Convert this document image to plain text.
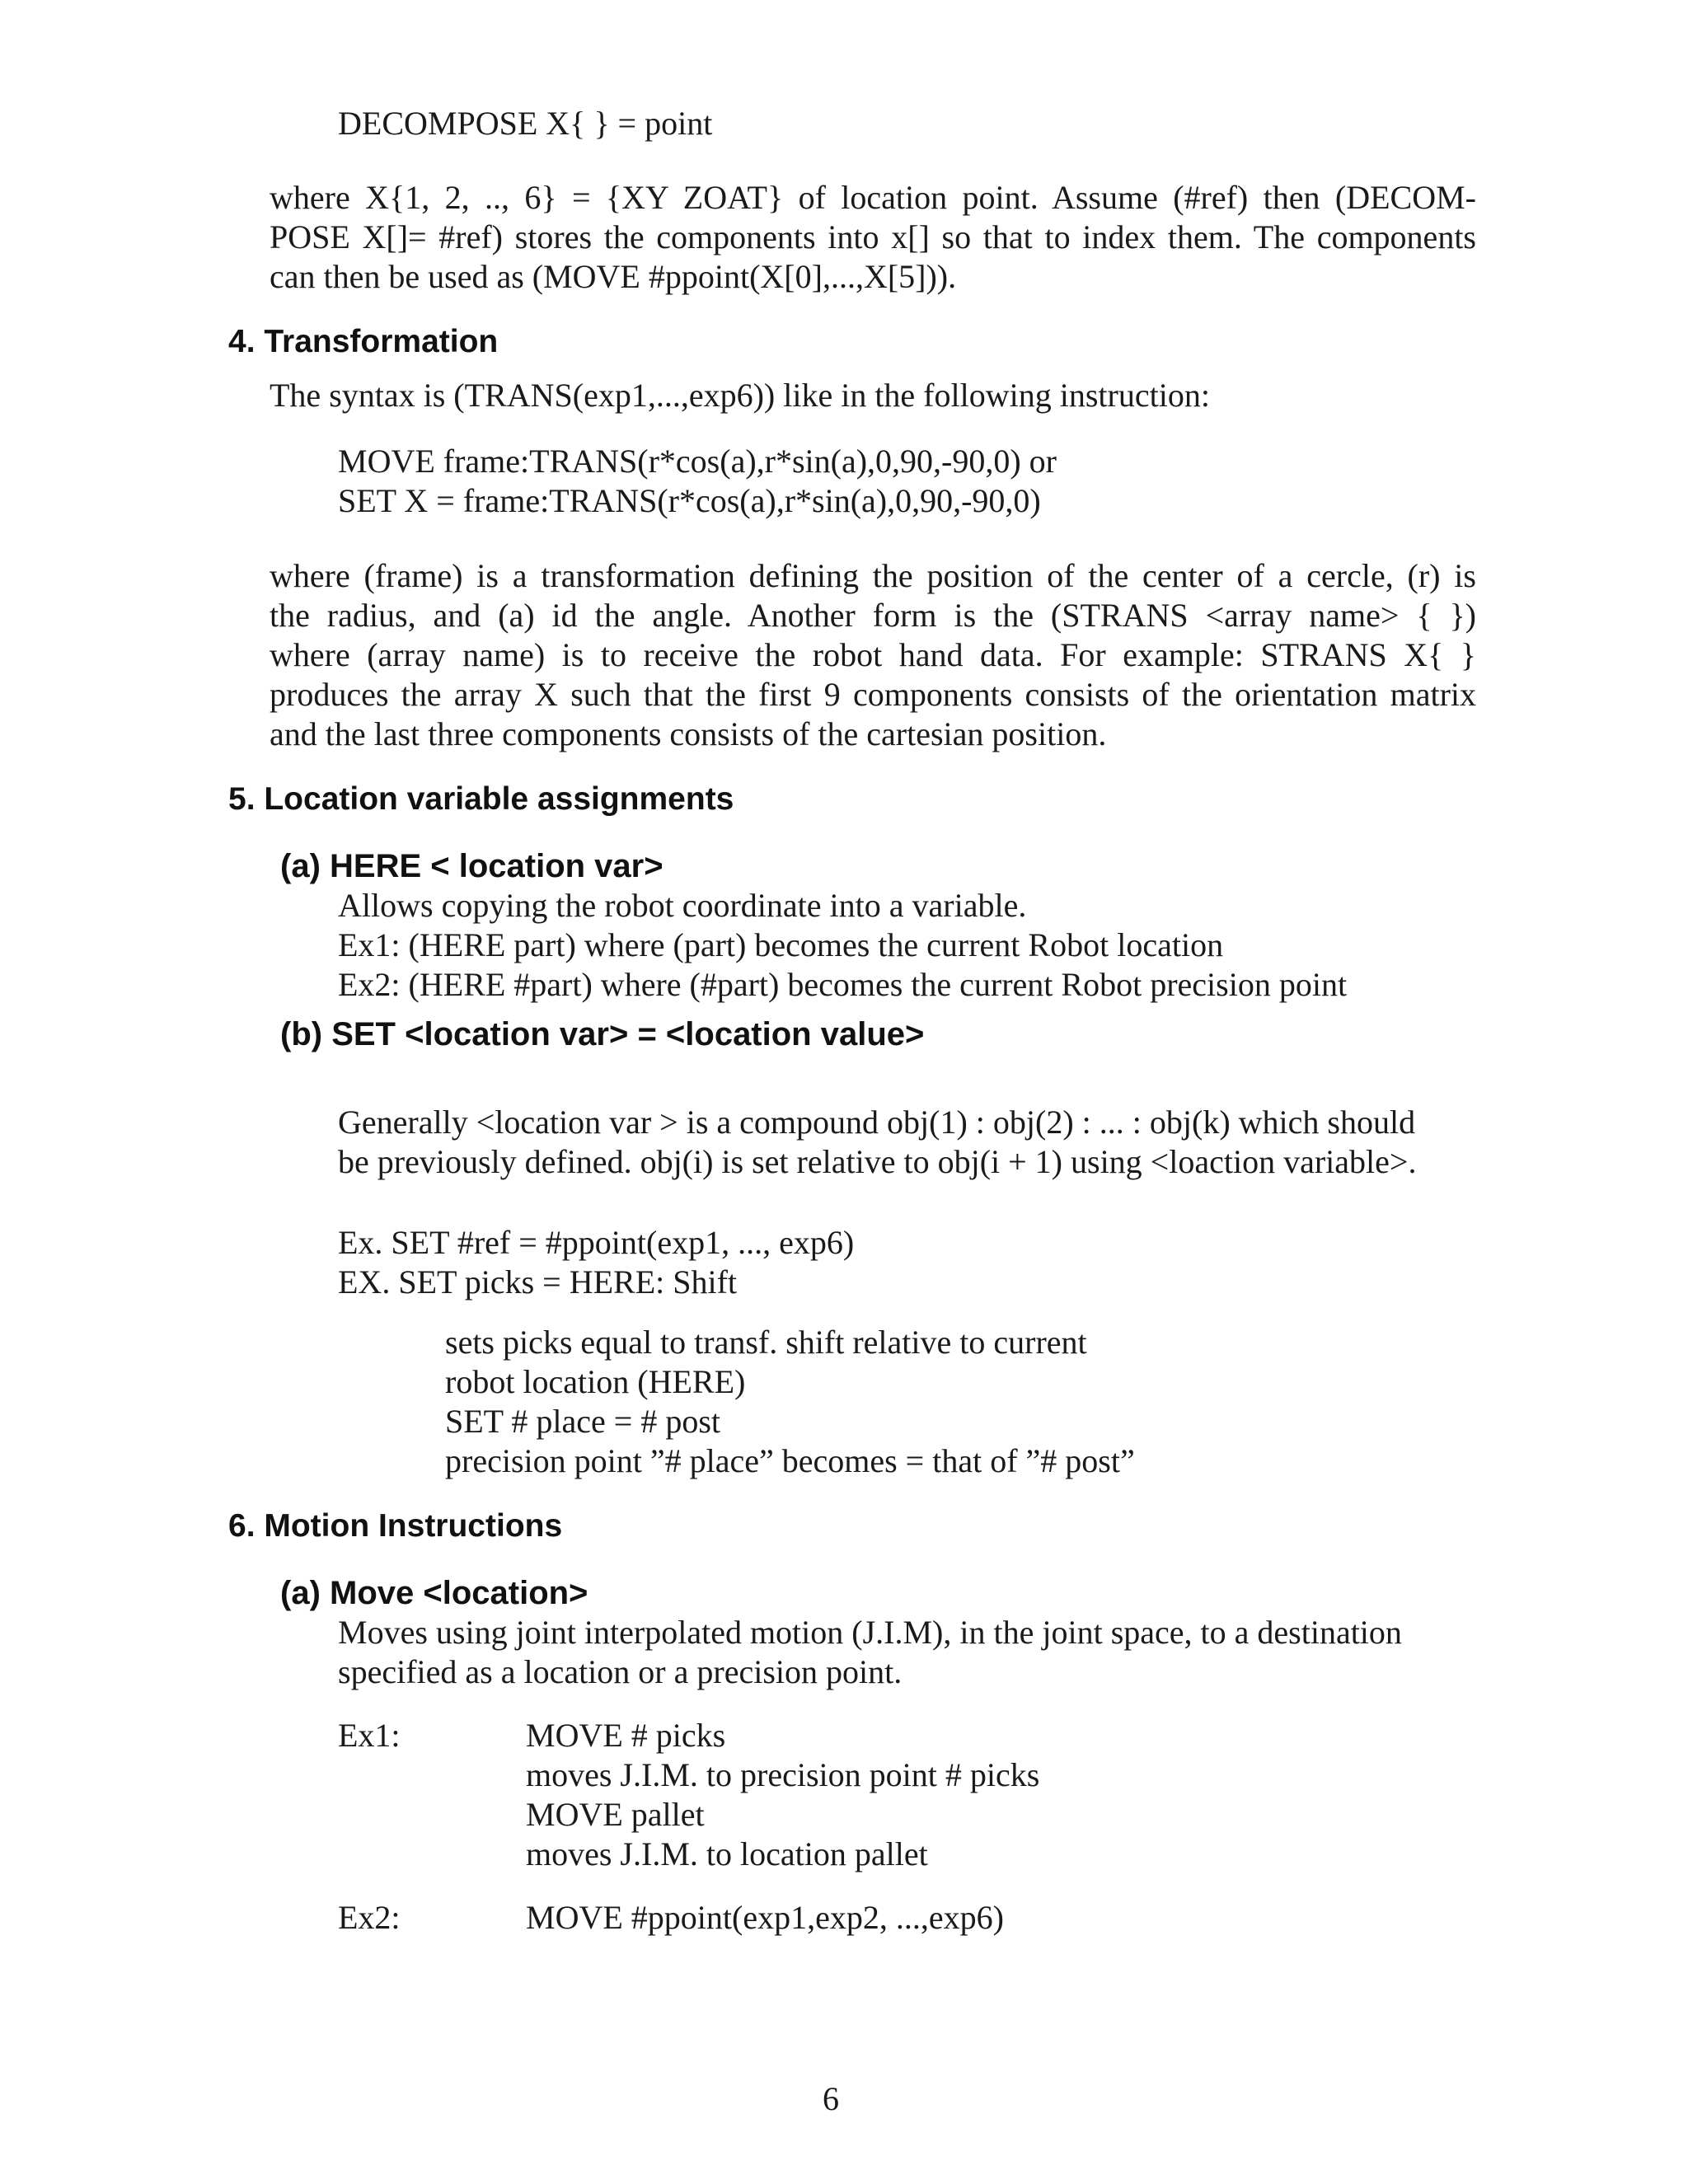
DECOMPOSE X{ } = point
where X{1, 2, .., 6} = {XY ZOAT} of location point. Assume (#ref) then (DECOM-
POSE X[]= #ref) stores the components into x[] so that to index them. The components
can then be used as (MOVE #ppoint(X[0],...,X[5])).
4. Transformation
The syntax is (TRANS(exp1,...,exp6)) like in the following instruction:
MOVE frame:TRANS(r*cos(a),r*sin(a),0,90,-90,0) or
SET X = frame:TRANS(r*cos(a),r*sin(a),0,90,-90,0)
where (frame) is a transformation defining the position of the center of a cercle, (r) is
the radius, and (a) id the angle. Another form is the (STRANS <array name> { })
where (array name) is to receive the robot hand data. For example: STRANS X{ }
produces the array X such that the first 9 components consists of the orientation matrix
and the last three components consists of the cartesian position.
5. Location variable assignments
(a) HERE < location var>
Allows copying the robot coordinate into a variable.
Ex1: (HERE part) where (part) becomes the current Robot location
Ex2: (HERE #part) where (#part) becomes the current Robot precision point
(b) SET <location var> = <location value>
Generally <location var > is a compound obj(1) : obj(2) : ... : obj(k) which should
be previously defined. obj(i) is set relative to obj(i + 1) using <loaction variable>.
Ex. SET #ref = #ppoint(exp1, ..., exp6)
EX. SET picks = HERE: Shift
sets picks equal to transf. shift relative to current
robot location (HERE)
SET # place = # post
precision point ”# place” becomes = that of ”# post”
6. Motion Instructions
(a) Move <location>
Moves using joint interpolated motion (J.I.M), in the joint space, to a destination
specified as a location or a precision point.
Ex1:	MOVE # picks
moves J.I.M. to precision point # picks
MOVE pallet
moves J.I.M. to location pallet
Ex2:	MOVE #ppoint(exp1,exp2, ...,exp6)
6
